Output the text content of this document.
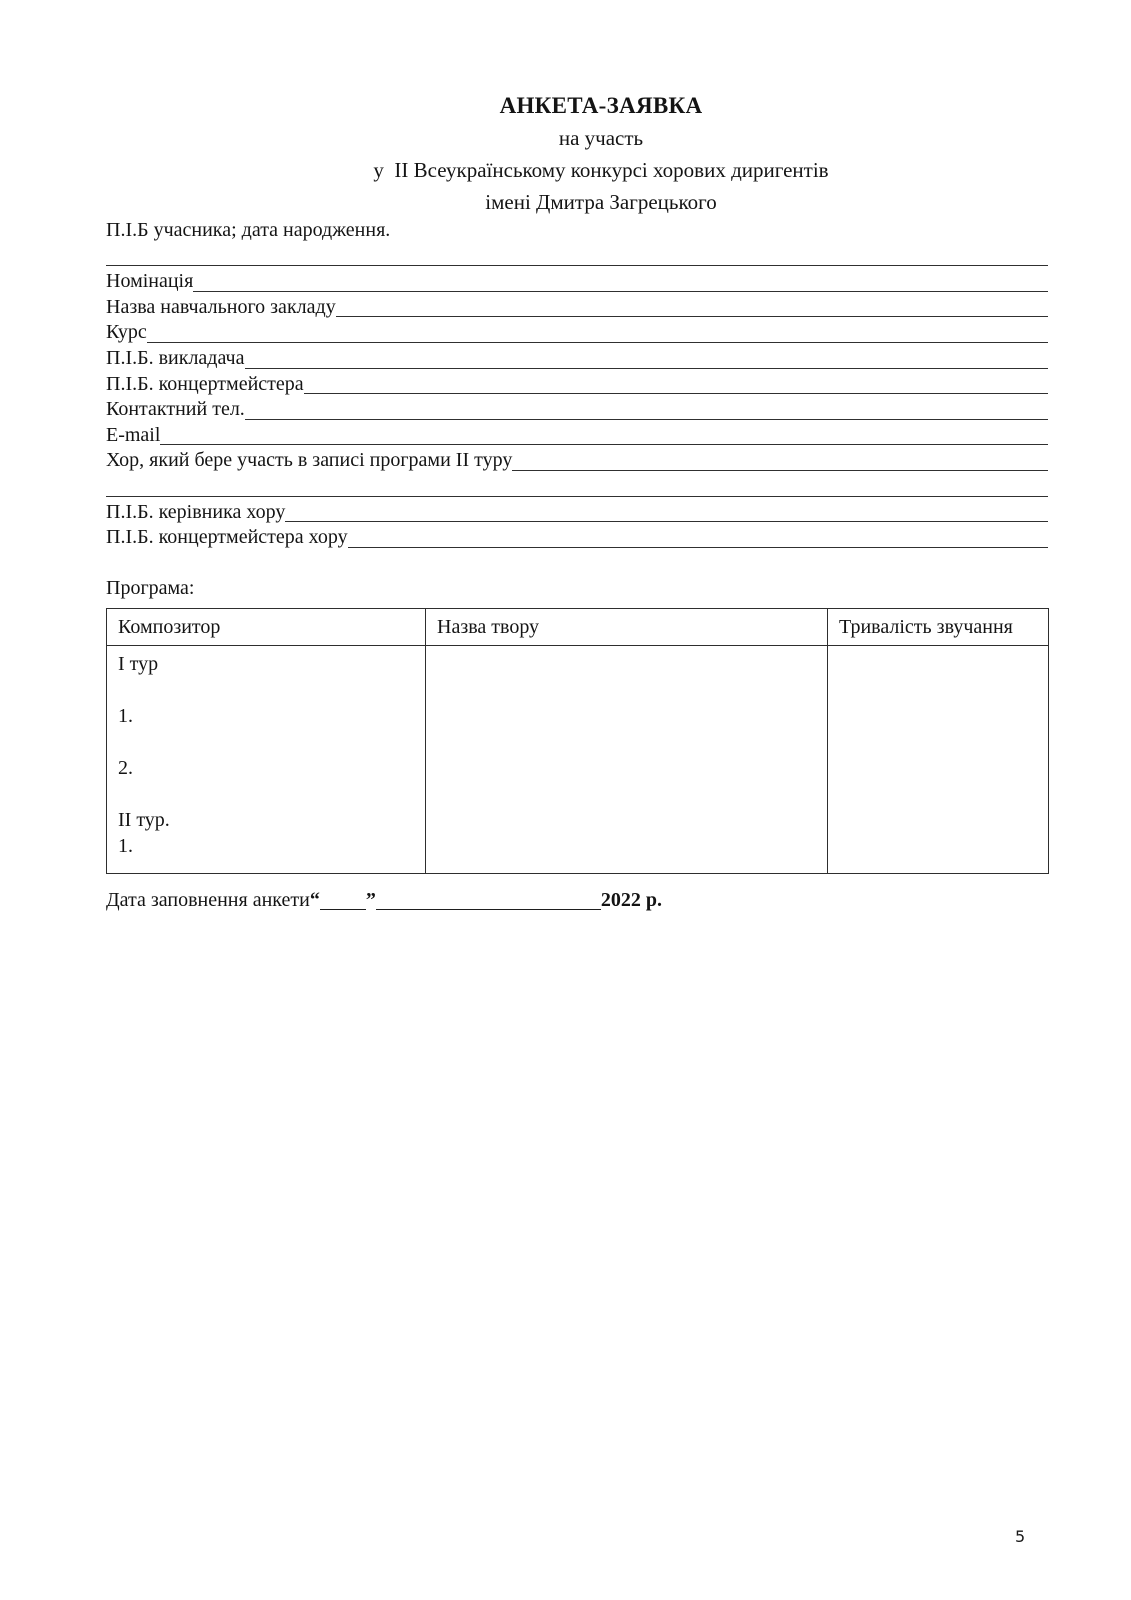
АНКЕТА-ЗАЯВКА
на участь
у  II Всеукраїнському конкурсі хорових диригентів
імені Дмитра Загрецького
П.І.Б учасника; дата народження.
Номінація
Назва навчального закладу
Курс
П.І.Б. викладача
П.І.Б. концертмейстера
Контактний тел.
E-mail
Хор, який бере участь в записі програми II туру
П.І.Б. керівника хору
П.І.Б. концертмейстера хору
Програма:
Композитор	Назва твору	Тривалість звучання

I тур
1.
2.
II тур.
1.		

Дата заповнення анкети “ ”	2022 р.
5
